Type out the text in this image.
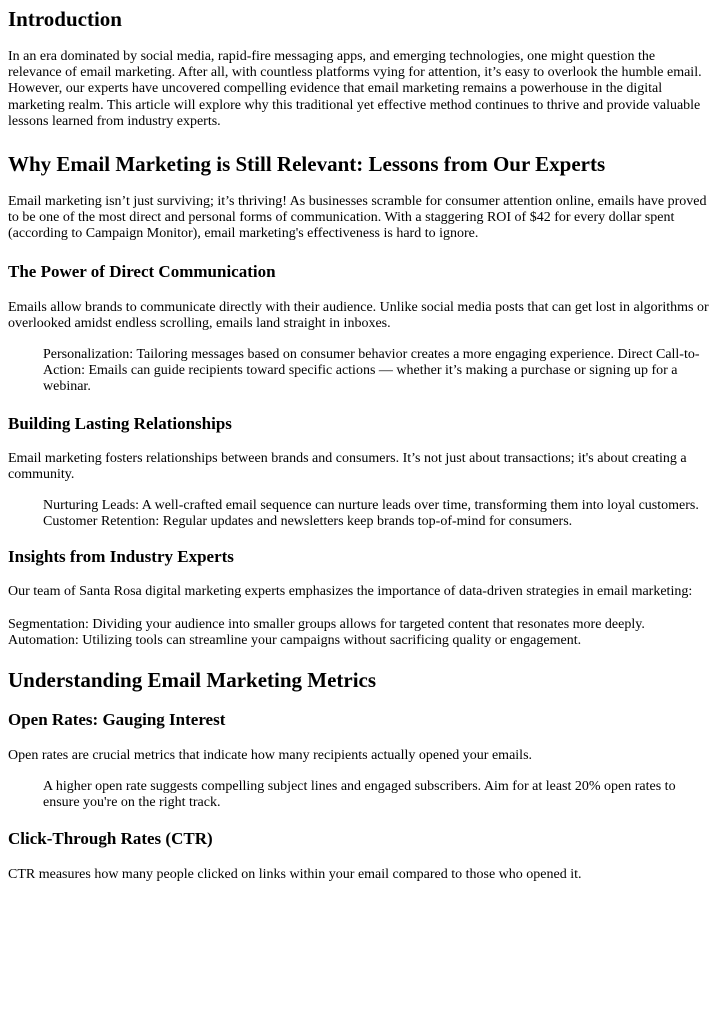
Introduction

In an era dominated by social media, rapid-fire messaging apps, and emerging technologies, one might question the relevance of email marketing. After all, with countless platforms vying for attention, it’s easy to overlook the humble email. However, our experts have uncovered compelling evidence that email marketing remains a powerhouse in the digital marketing realm. This article will explore why this traditional yet effective method continues to thrive and provide valuable lessons learned from industry experts.

Why Email Marketing is Still Relevant: Lessons from Our Experts

Email marketing isn’t just surviving; it’s thriving! As businesses scramble for consumer attention online, emails have proved to be one of the most direct and personal forms of communication. With a staggering ROI of $42 for every dollar spent (according to Campaign Monitor), email marketing's effectiveness is hard to ignore.

The Power of Direct Communication

Emails allow brands to communicate directly with their audience. Unlike social media posts that can get lost in algorithms or overlooked amidst endless scrolling, emails land straight in inboxes.

Personalization: Tailoring messages based on consumer behavior creates a more engaging experience. Direct Call-to-Action: Emails can guide recipients toward specific actions — whether it’s making a purchase or signing up for a webinar.
Building Lasting Relationships

Email marketing fosters relationships between brands and consumers. It’s not just about transactions; it's about creating a community.

Nurturing Leads: A well-crafted email sequence can nurture leads over time, transforming them into loyal customers. Customer Retention: Regular updates and newsletters keep brands top-of-mind for consumers.
Insights from Industry Experts

Our team of Santa Rosa digital marketing experts emphasizes the importance of data-driven strategies in email marketing:

Segmentation: Dividing your audience into smaller groups allows for targeted content that resonates more deeply. Automation: Utilizing tools can streamline your campaigns without sacrificing quality or engagement.

Understanding Email Marketing Metrics
Open Rates: Gauging Interest

Open rates are crucial metrics that indicate how many recipients actually opened your emails.

A higher open rate suggests compelling subject lines and engaged subscribers. Aim for at least 20% open rates to ensure you're on the right track.
Click-Through Rates (CTR)

CTR measures how many people clicked on links within your email compared to those who opened it.
